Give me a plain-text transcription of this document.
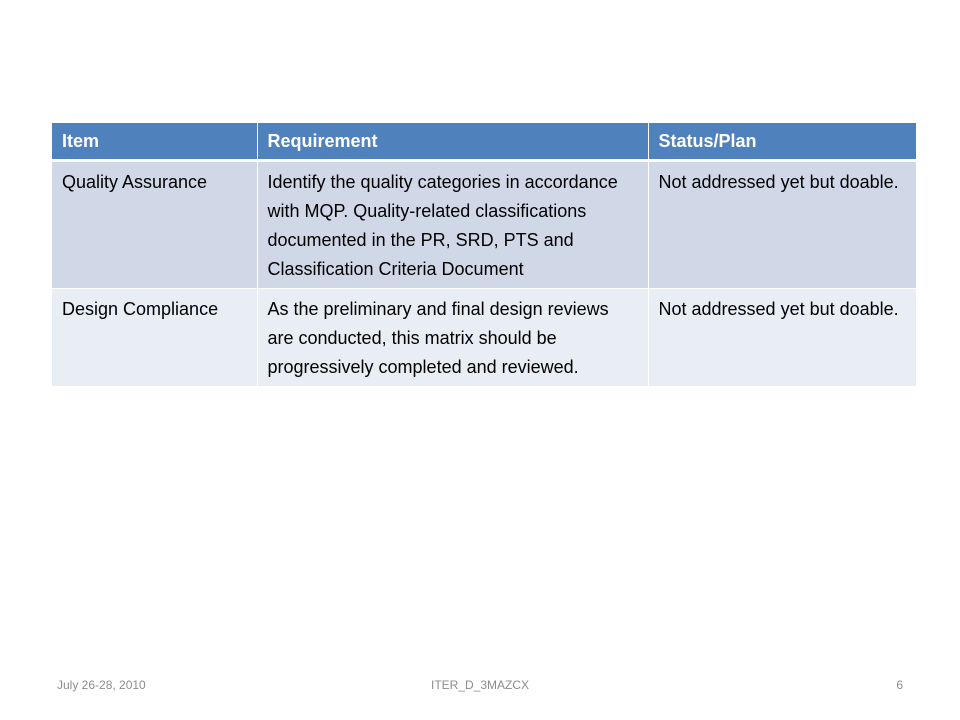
Item	Requirement	Status/Plan
Quality Assurance	Identify the quality categories in accordance with MQP. Quality-related classifications documented in the PR, SRD, PTS and Classification Criteria Document	Not addressed yet but doable.
Design Compliance	As the preliminary and final design reviews are conducted, this matrix should be progressively completed and reviewed.	Not addressed yet but doable.
July 26-28, 2010	ITER_D_3MAZCX	6
